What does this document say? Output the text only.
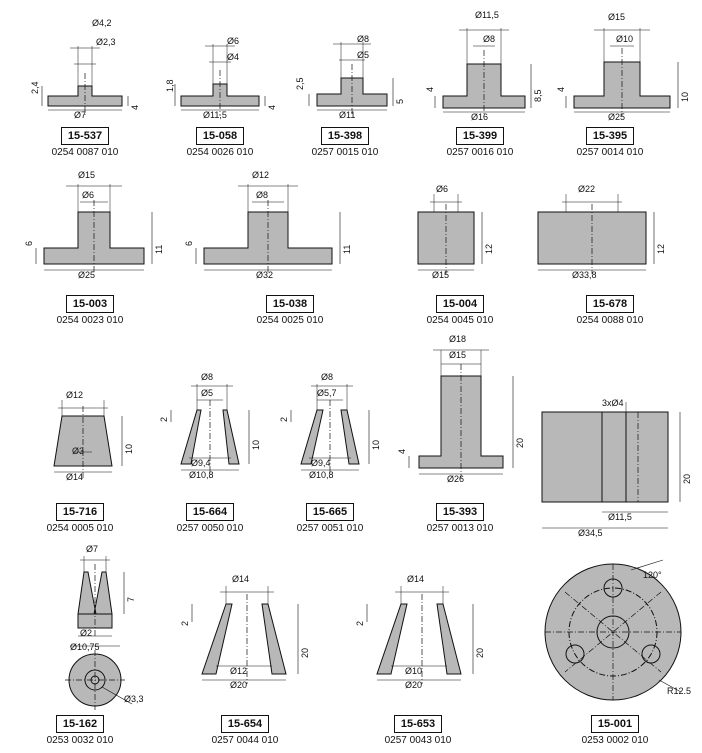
Ø4,2
Ø2,3
2,4
Ø7
4
15-537
0254 0087 010
Ø6
Ø4
1,8
Ø11,5
4
15-058
0254 0026 010
Ø8
Ø5
2,5
Ø11
5
15-398
0257 0015 010
Ø11,5
Ø8
4
Ø16
8,5
15-399
0257 0016 010
Ø15
Ø10
4
Ø25
10
15-395
0257 0014 010
Ø15
Ø6
6
Ø25
11
15-003
0254 0023 010
Ø12
Ø8
6
Ø32
11
15-038
0254 0025 010
Ø6
Ø15
12
15-004
0254 0045 010
Ø22
Ø33,8
12
15-678
0254 0088 010
Ø12
Ø3
Ø14
10
15-716
0254 0005 010
Ø8
Ø5
2
Ø9,4
Ø10,8
10
15-664
0257 0050 010
Ø8
Ø5,7
2
Ø9,4
Ø10,8
10
15-665
0257 0051 010
Ø18
Ø15
4
Ø26
20
15-393
0257 0013 010
3xØ4
Ø11,5
Ø34,5
20
Ø7
7
Ø2
Ø10,75
Ø3,3
15-162
0253 0032 010
Ø14
2
Ø12
Ø20
20
15-654
0257 0044 010
Ø14
2
Ø10
Ø20
20
15-653
0257 0043 010
120°
R12.5
15-001
0253 0002 010
